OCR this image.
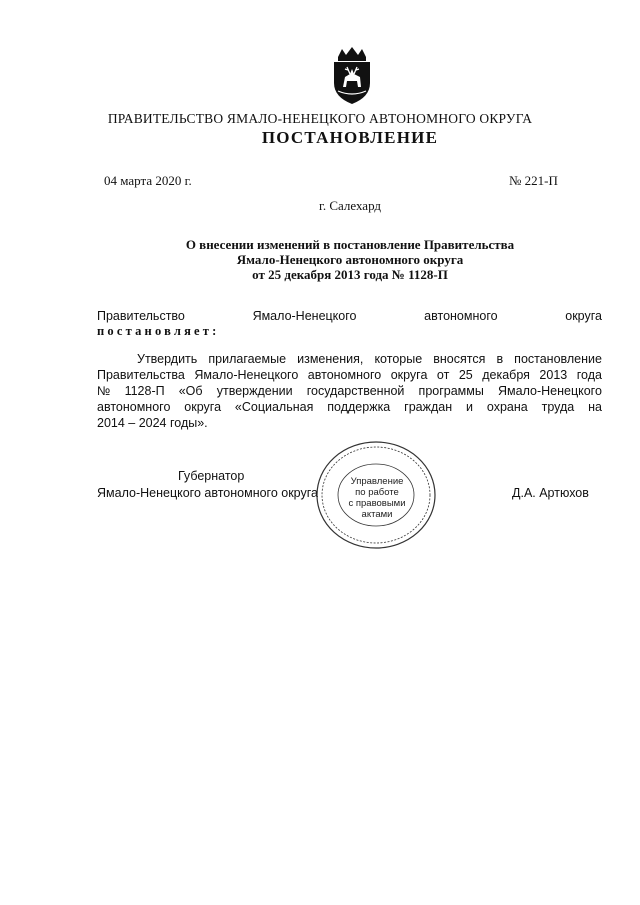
ПРАВИТЕЛЬСТВО ЯМАЛО-НЕНЕЦКОГО АВТОНОМНОГО ОКРУГА
ПОСТАНОВЛЕНИЕ
04 марта 2020 г.	№ 221-П
г. Салехард
О внесении изменений в постановление Правительства
Ямало-Ненецкого автономного округа
от 25 декабря 2013 года № 1128-П
Правительство	Ямало-Ненецкого	автономного	округа
постановляет:
Утвердить прилагаемые изменения, которые вносятся в постановление
Правительства Ямало-Ненецкого автономного округа от 25 декабря 2013 года
№ 1128-П «Об утверждении государственной программы Ямало-Ненецкого
автономного округа «Социальная поддержка граждан и охрана труда на
2014 – 2024 годы».
Губернатор
Ямало-Ненецкого автономного округа	Д.А. Артюхов
Управление
по работе
с правовыми
актами
